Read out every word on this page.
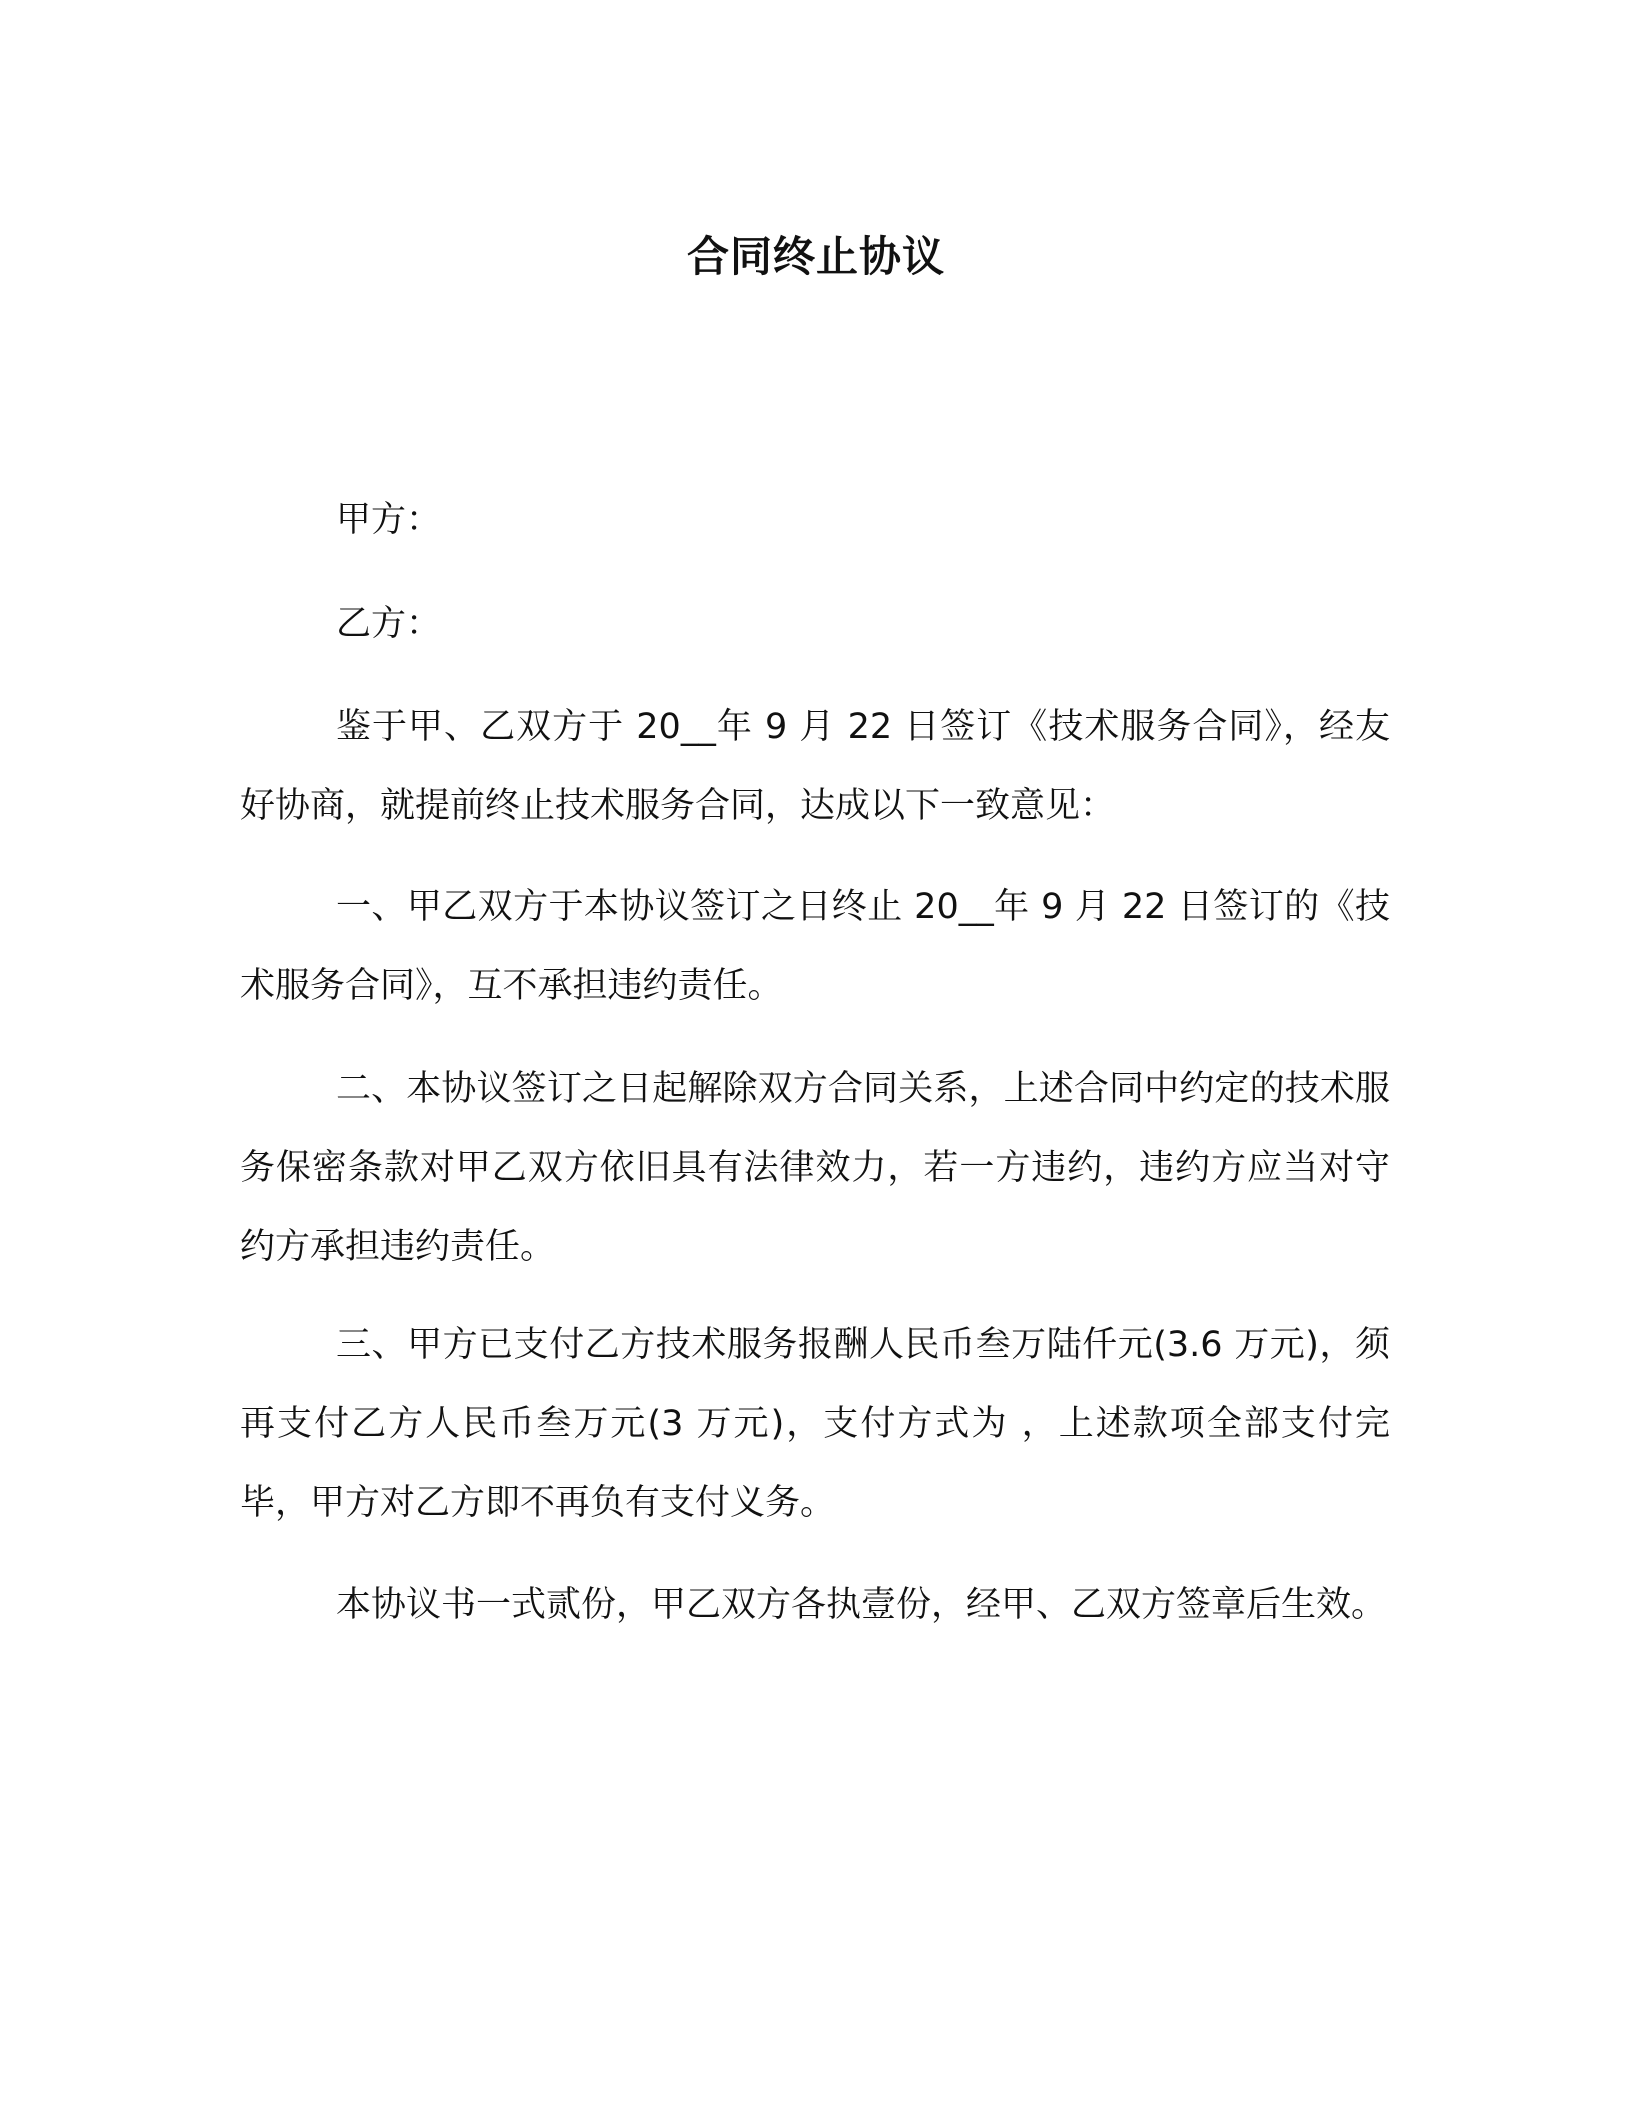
合同终止协议

甲方：

乙方：

鉴于甲、乙双方于 20__年 9 月 22 日签订《技术服务合同》，经友好协商，就提前终止技术服务合同，达成以下一致意见：

一、甲乙双方于本协议签订之日终止 20__年 9 月 22 日签订的《技术服务合同》，互不承担违约责任。

二、本协议签订之日起解除双方合同关系，上述合同中约定的技术服务保密条款对甲乙双方依旧具有法律效力，若一方违约，违约方应当对守约方承担违约责任。

三、甲方已支付乙方技术服务报酬人民币叁万陆仟元(3.6 万元)，须再支付乙方人民币叁万元(3 万元)，支付方式为 ，上述款项全部支付完毕，甲方对乙方即不再负有支付义务。

本协议书一式贰份，甲乙双方各执壹份，经甲、乙双方签章后生效。
